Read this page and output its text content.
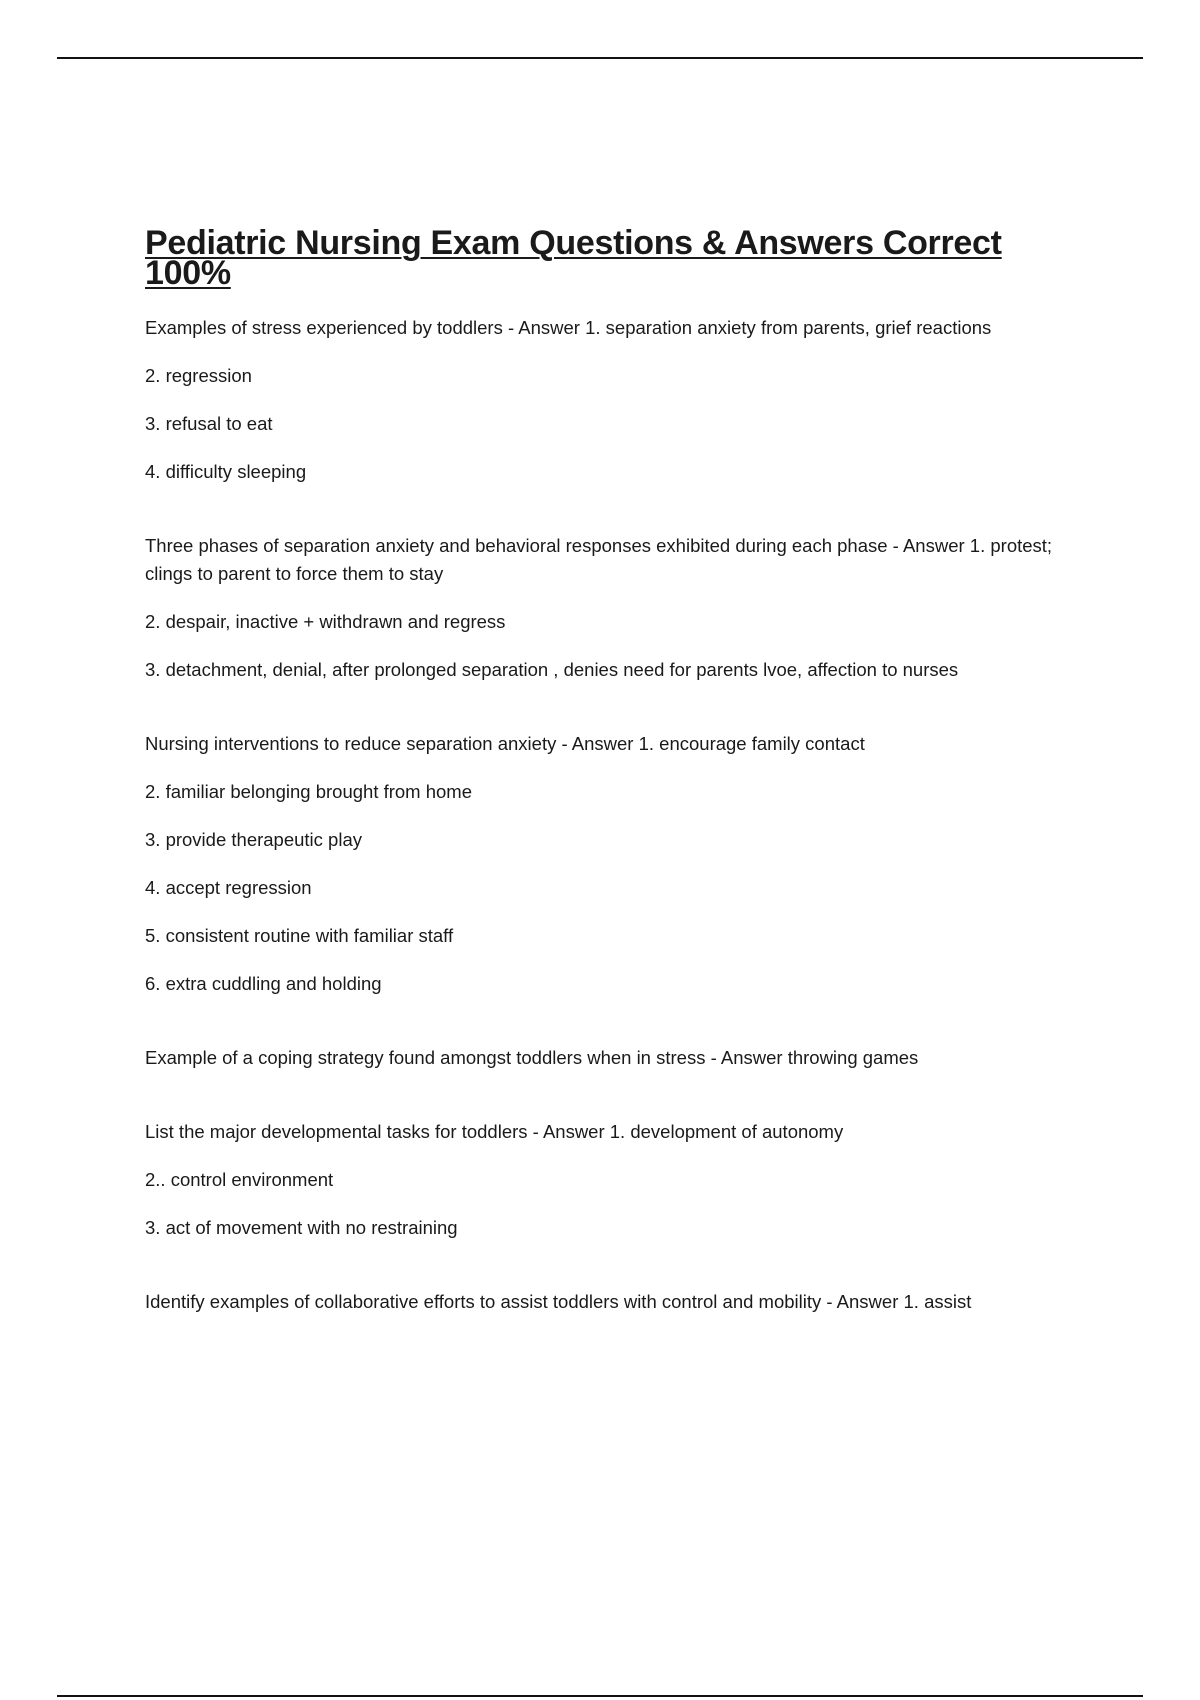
Pediatric Nursing Exam Questions & Answers Correct 100%

Examples of stress experienced by toddlers - Answer 1. separation anxiety from parents, grief reactions

2. regression

3. refusal to eat

4. difficulty sleeping

Three phases of separation anxiety and behavioral responses exhibited during each phase - Answer 1. protest; clings to parent to force them to stay

2. despair, inactive + withdrawn and regress

3. detachment, denial, after prolonged separation , denies need for parents lvoe, affection to nurses

Nursing interventions to reduce separation anxiety - Answer 1. encourage family contact

2. familiar belonging brought from home

3. provide therapeutic play

4. accept regression

5. consistent routine with familiar staff

6. extra cuddling and holding

Example of a coping strategy found amongst toddlers when in stress - Answer throwing games

List the major developmental tasks for toddlers - Answer 1. development of autonomy

2.. control environment

3. act of movement with no restraining

Identify examples of collaborative efforts to assist toddlers with control and mobility - Answer 1. assist
